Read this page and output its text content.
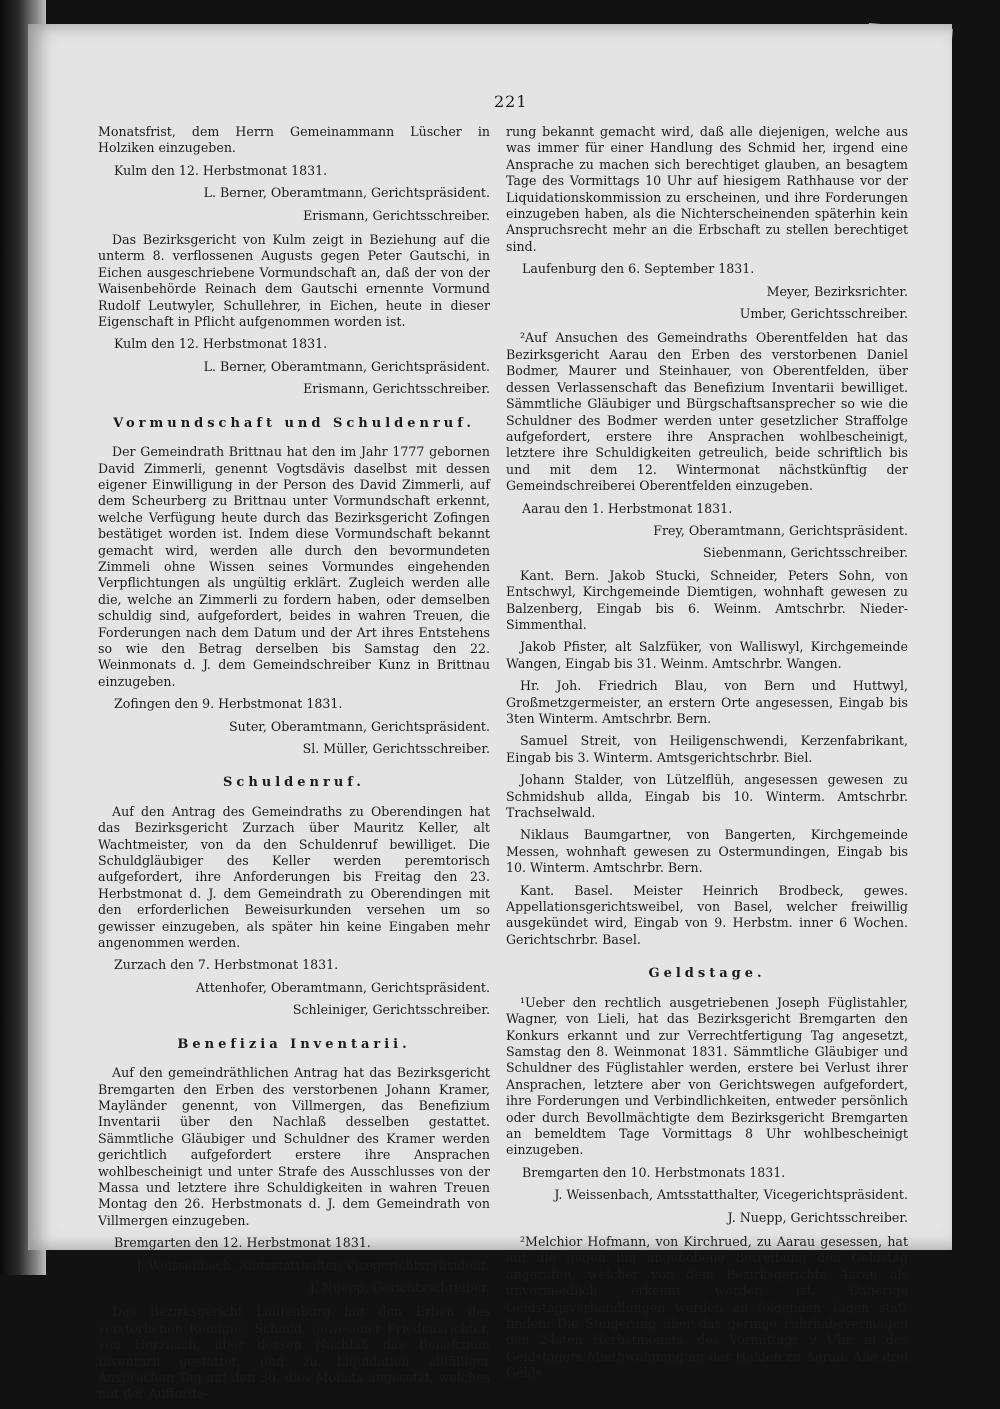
221

Monatsfrist, dem Herrn Gemeinammann Lüscher in Holziken einzugeben.

Kulm den 12. Herbstmonat 1831.

L. Berner, Oberamtmann, Gerichtspräsident.

Erismann, Gerichtsschreiber.

Das Bezirksgericht von Kulm zeigt in Beziehung auf die unterm 8. verflossenen Augusts gegen Peter Gautschi, in Eichen ausgeschriebene Vormundschaft an, daß der von der Waisenbehörde Reinach dem Gautschi ernennte Vormund Rudolf Leutwyler, Schullehrer, in Eichen, heute in dieser Eigenschaft in Pflicht aufgenommen worden ist.

Kulm den 12. Herbstmonat 1831.

L. Berner, Oberamtmann, Gerichtspräsident.

Erismann, Gerichtsschreiber.

Vormundschaft und Schuldenruf.

Der Gemeindrath Brittnau hat den im Jahr 1777 gebornen David Zimmerli, genennt Vogtsdävis daselbst mit dessen eigener Einwilligung in der Person des David Zimmerli, auf dem Scheurberg zu Brittnau unter Vormundschaft erkennt, welche Verfügung heute durch das Bezirksgericht Zofingen bestätiget worden ist. Indem diese Vormundschaft bekannt gemacht wird, werden alle durch den bevormundeten Zimmeli ohne Wissen seines Vormundes eingehenden Verpflichtungen als ungültig erklärt. Zugleich werden alle die, welche an Zimmerli zu fordern haben, oder demselben schuldig sind, aufgefordert, beides in wahren Treuen, die Forderungen nach dem Datum und der Art ihres Entstehens so wie den Betrag derselben bis Samstag den 22. Weinmonats d. J. dem Gemeindschreiber Kunz in Brittnau einzugeben.

Zofingen den 9. Herbstmonat 1831.

Suter, Oberamtmann, Gerichtspräsident.

Sl. Müller, Gerichtsschreiber.

Schuldenruf.

Auf den Antrag des Gemeindraths zu Oberendingen hat das Bezirksgericht Zurzach über Mauritz Keller, alt Wachtmeister, von da den Schuldenruf bewilliget. Die Schuldgläubiger des Keller werden peremtorisch aufgefordert, ihre Anforderungen bis Freitag den 23. Herbstmonat d. J. dem Gemeindrath zu Oberendingen mit den erforderlichen Beweisurkunden versehen um so gewisser einzugeben, als später hin keine Eingaben mehr angenommen werden.

Zurzach den 7. Herbstmonat 1831.

Attenhofer, Oberamtmann, Gerichtspräsident.

Schleiniger, Gerichtsschreiber.

Benefizia Inventarii.

Auf den gemeindräthlichen Antrag hat das Bezirksgericht Bremgarten den Erben des verstorbenen Johann Kramer, Mayländer genennt, von Villmergen, das Benefizium Inventarii über den Nachlaß desselben gestattet. Sämmtliche Gläubiger und Schuldner des Kramer werden gerichtlich aufgefordert erstere ihre Ansprachen wohlbescheinigt und unter Strafe des Ausschlusses von der Massa und letztere ihre Schuldigkeiten in wahren Treuen Montag den 26. Herbstmonats d. J. dem Gemeindrath von Villmergen einzugeben.

Bremgarten den 12. Herbstmonat 1831.

J. Weissenbach, Amtsstatthalter, Vicegerichtspräsident.

J. Nuepp, Gerichtsschreiber.

Das Bezirksgericht Laufenburg hat den Erben des verstorbenen Remigius Schmid, gewesener Friedensrichter, von Herznach, über dessen Nachlaß das Benefizium Inventarii gestattet, und zu Liquidation allfälliger Ansprachen Tag auf den 30. dies Monats angesetzt, welches mit der Aufforde-

rung bekannt gemacht wird, daß alle diejenigen, welche aus was immer für einer Handlung des Schmid her, irgend eine Ansprache zu machen sich berechtiget glauben, an besagtem Tage des Vormittags 10 Uhr auf hiesigem Rathhause vor der Liquidationskommission zu erscheinen, und ihre Forderungen einzugeben haben, als die Nichterscheinenden späterhin kein Anspruchsrecht mehr an die Erbschaft zu stellen berechtiget sind.

Laufenburg den 6. September 1831.

Meyer, Bezirksrichter.

Umber, Gerichtsschreiber.

²Auf Ansuchen des Gemeindraths Oberentfelden hat das Bezirksgericht Aarau den Erben des verstorbenen Daniel Bodmer, Maurer und Steinhauer, von Oberentfelden, über dessen Verlassenschaft das Benefizium Inventarii bewilliget. Sämmtliche Gläubiger und Bürgschaftsansprecher so wie die Schuldner des Bodmer werden unter gesetzlicher Straffolge aufgefordert, erstere ihre Ansprachen wohlbescheinigt, letztere ihre Schuldigkeiten getreulich, beide schriftlich bis und mit dem 12. Wintermonat nächstkünftig der Gemeindschreiberei Oberentfelden einzugeben.

Aarau den 1. Herbstmonat 1831.

Frey, Oberamtmann, Gerichtspräsident.

Siebenmann, Gerichtsschreiber.

Kant. Bern. Jakob Stucki, Schneider, Peters Sohn, von Entschwyl, Kirchgemeinde Diemtigen, wohnhaft gewesen zu Balzenberg, Eingab bis 6. Weinm. Amtschrbr. Nieder-Simmenthal.

Jakob Pfister, alt Salzfüker, von Walliswyl, Kirchgemeinde Wangen, Eingab bis 31. Weinm. Amtschrbr. Wangen.

Hr. Joh. Friedrich Blau, von Bern und Huttwyl, Großmetzgermeister, an erstern Orte angesessen, Eingab bis 3ten Winterm. Amtschrbr. Bern.

Samuel Streit, von Heiligenschwendi, Kerzenfabrikant, Eingab bis 3. Winterm. Amtsgerichtschrbr. Biel.

Johann Stalder, von Lützelflüh, angesessen gewesen zu Schmidshub allda, Eingab bis 10. Winterm. Amtschrbr. Trachselwald.

Niklaus Baumgartner, von Bangerten, Kirchgemeinde Messen, wohnhaft gewesen zu Ostermundingen, Eingab bis 10. Winterm. Amtschrbr. Bern.

Kant. Basel. Meister Heinrich Brodbeck, gewes. Appellationsgerichtsweibel, von Basel, welcher freiwillig ausgekündet wird, Eingab von 9. Herbstm. inner 6 Wochen. Gerichtschrbr. Basel.

Geldstage.

¹Ueber den rechtlich ausgetriebenen Joseph Füglistahler, Wagner, von Lieli, hat das Bezirksgericht Bremgarten den Konkurs erkannt und zur Verrechtfertigung Tag angesetzt, Samstag den 8. Weinmonat 1831. Sämmtliche Gläubiger und Schuldner des Füglistahler werden, erstere bei Verlust ihrer Ansprachen, letztere aber von Gerichtswegen aufgefordert, ihre Forderungen und Verbindlichkeiten, entweder persönlich oder durch Bevollmächtigte dem Bezirksgericht Bremgarten an bemeldtem Tage Vormittags 8 Uhr wohlbescheinigt einzugeben.

Bremgarten den 10. Herbstmonats 1831.

J. Weissenbach, Amtsstatthalter, Vicegerichtspräsident.

J. Nuepp, Gerichtsschreiber.

²Melchior Hofmann, von Kirchrued, zu Aarau gesessen, hat auf die gegen ihn angehobene Betreibung den Geldstag angerufen, welcher von dem Bezirksgerichte Aarau als unvermeidlich erkennt worden ist. Daherige Geldstagsverhandlungen werden an folgenden Tagen statt finden: Die Steigerung über das geringe Fahrhabevermögen den 24sten Herbstmonats, des Vormittags 9 Uhr, in des Geldstagers Miethwohnung an der Halden zu Aarau. Alle drei Gelds-
